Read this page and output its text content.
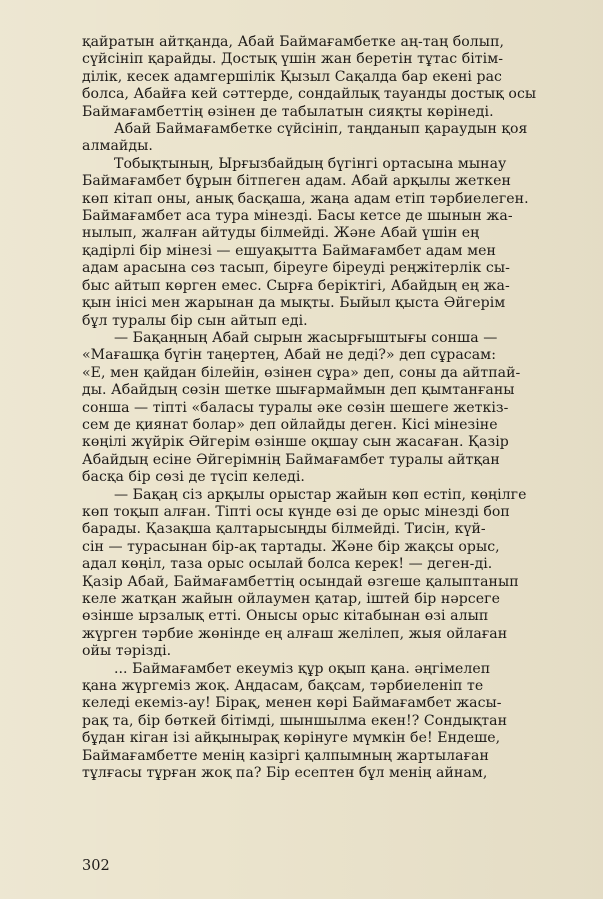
қайратын айтқанда, Абай Баймағамбетке аң-таң болып,
сүйсініп қарайды. Достық үшін жан беретін тұтас бітім-
ділік, кесек адамгершілік Қызыл Сақалда бар екені рас
болса, Абайға кей сәттерде, сондайлық тауанды достық осы
Баймағамбеттің өзінен де табылатын сияқты көрінеді.

Абай Баймағамбетке сүйсініп, таңданып қараудын қоя
алмайды.

Тобықтының, Ырғызбайдың бүгінгі ортасына мынау
Баймағамбет бұрын бітпеген адам. Абай арқылы жеткен
көп кітап оны, анық басқаша, жаңа адам етіп тәрбиелеген.
Баймағамбет аса тура мінезді. Басы кетсе де шынын жа-
нылып, жалған айтуды білмейді. Және Абай үшін ең
қадірлі бір мінезі — ешуақытта Баймағамбет адам мен
адам арасына сөз тасып, біреуге біреуді реңжітерлік сы-
быс айтып көрген емес. Сырға беріктігі, Абайдың ең жа-
қын інісі мен жарынан да мықты. Быйыл қыста Әйгерім
бұл туралы бір сын айтып еді.

— Бақаңның Абай сырын жасырғыштығы сонша —
«Мағашқа бүгін таңертең, Абай не деді?» деп сұрасам:
«Е, мен қайдан білейін, өзінен сұра» деп, соны да айтпай-
ды. Абайдың сөзін шетке шығармаймын деп қымтанғаны
сонша — тіпті «баласы туралы әке сөзін шешеге жеткіз-
сем де қиянат болар» деп ойлайды деген. Кісі мінезіне
көңілі жүйрік Әйгерім өзінше оқшау сын жасаған. Қазір
Абайдың есіне Әйгерімнің Баймағамбет туралы айтқан
басқа бір сөзі де түсіп келеді.

— Бақаң сіз арқылы орыстар жайын көп естіп, көңілге
көп тоқып алған. Тіпті осы күнде өзі де орыс мінезді боп
барады. Қазақша қалтарысыңды білмейді. Тисін, күй-
сін — турасынан бір-ақ тартады. Және бір жақсы орыс,
адал көңіл, таза орыс осылай болса керек! — деген-ді.
Қазір Абай, Баймағамбеттің осындай өзгеше қалыптанып
келе жатқан жайын ойлаумен қатар, іштей бір нәрсеге
өзінше ырзалық етті. Онысы орыс кітабынан өзі алып
жүрген тәрбие жөнінде ең алғаш желілеп, жыя ойлаған
ойы тәрізді.

... Баймағамбет екеуміз құр оқып қана. әңгімелеп
қана жүргеміз жоқ. Аңдасам, бақсам, тәрбиеленіп те
келеді екеміз-ау! Бірақ, менен көрі Баймағамбет жасы-
рақ та, бір бөткей бітімді, шыншылма екен!? Сондықтан
бұдан кіган ізі айқынырақ көрінуге мүмкін бе! Ендеше,
Баймағамбетте менің казіргі қалпымның жартылаған
тұлғасы тұрған жоқ па? Бір есептен бұл менің айнам,

302
